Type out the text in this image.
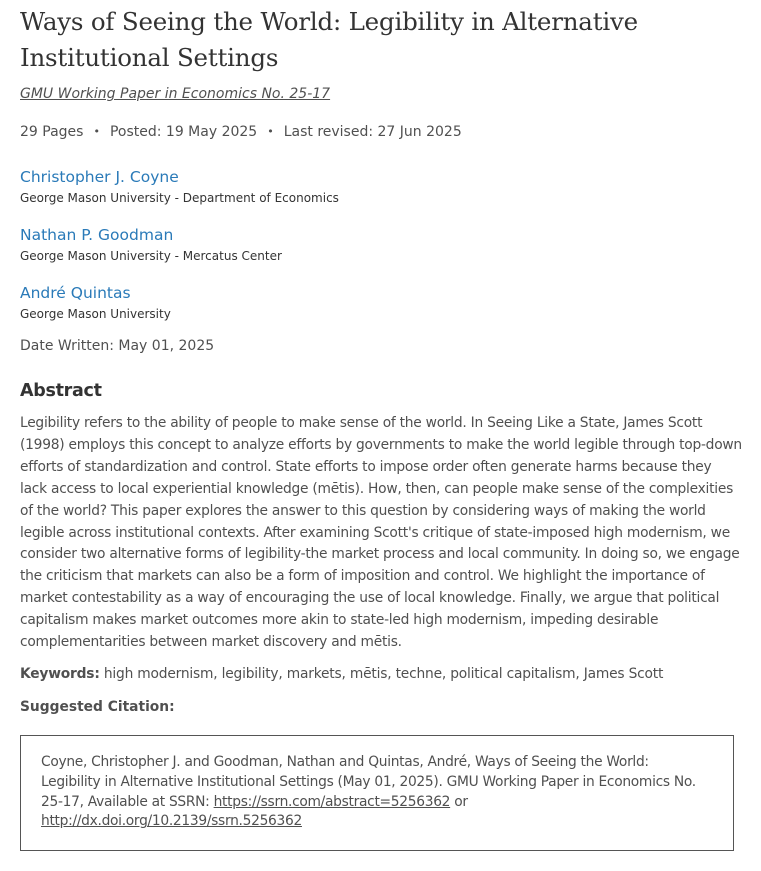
Ways of Seeing the World: Legibility in Alternative Institutional Settings
GMU Working Paper in Economics No. 25-17
29 Pages • Posted: 19 May 2025 • Last revised: 27 Jun 2025
Christopher J. Coyne
George Mason University - Department of Economics
Nathan P. Goodman
George Mason University - Mercatus Center
André Quintas
George Mason University
Date Written: May 01, 2025
Abstract

Legibility refers to the ability of people to make sense of the world. In Seeing Like a State, James Scott (1998) employs this concept to analyze efforts by governments to make the world legible through top-down efforts of standardization and control. State efforts to impose order often generate harms because they lack access to local experiential knowledge (mētis). How, then, can people make sense of the complexities of the world? This paper explores the answer to this question by considering ways of making the world legible across institutional contexts. After examining Scott's critique of state-imposed high modernism, we consider two alternative forms of legibility-the market process and local community. In doing so, we engage the criticism that markets can also be a form of imposition and control. We highlight the importance of market contestability as a way of encouraging the use of local knowledge. Finally, we argue that political capitalism makes market outcomes more akin to state-led high modernism, impeding desirable complementarities between market discovery and mētis.

Keywords: high modernism, legibility, markets, mētis, techne, political capitalism, James Scott
Suggested Citation:
Coyne, Christopher J. and Goodman, Nathan and Quintas, André, Ways of Seeing the World: Legibility in Alternative Institutional Settings (May 01, 2025). GMU Working Paper in Economics No. 25-17, Available at SSRN: https://ssrn.com/abstract=5256362 or http://dx.doi.org/10.2139/ssrn.5256362
